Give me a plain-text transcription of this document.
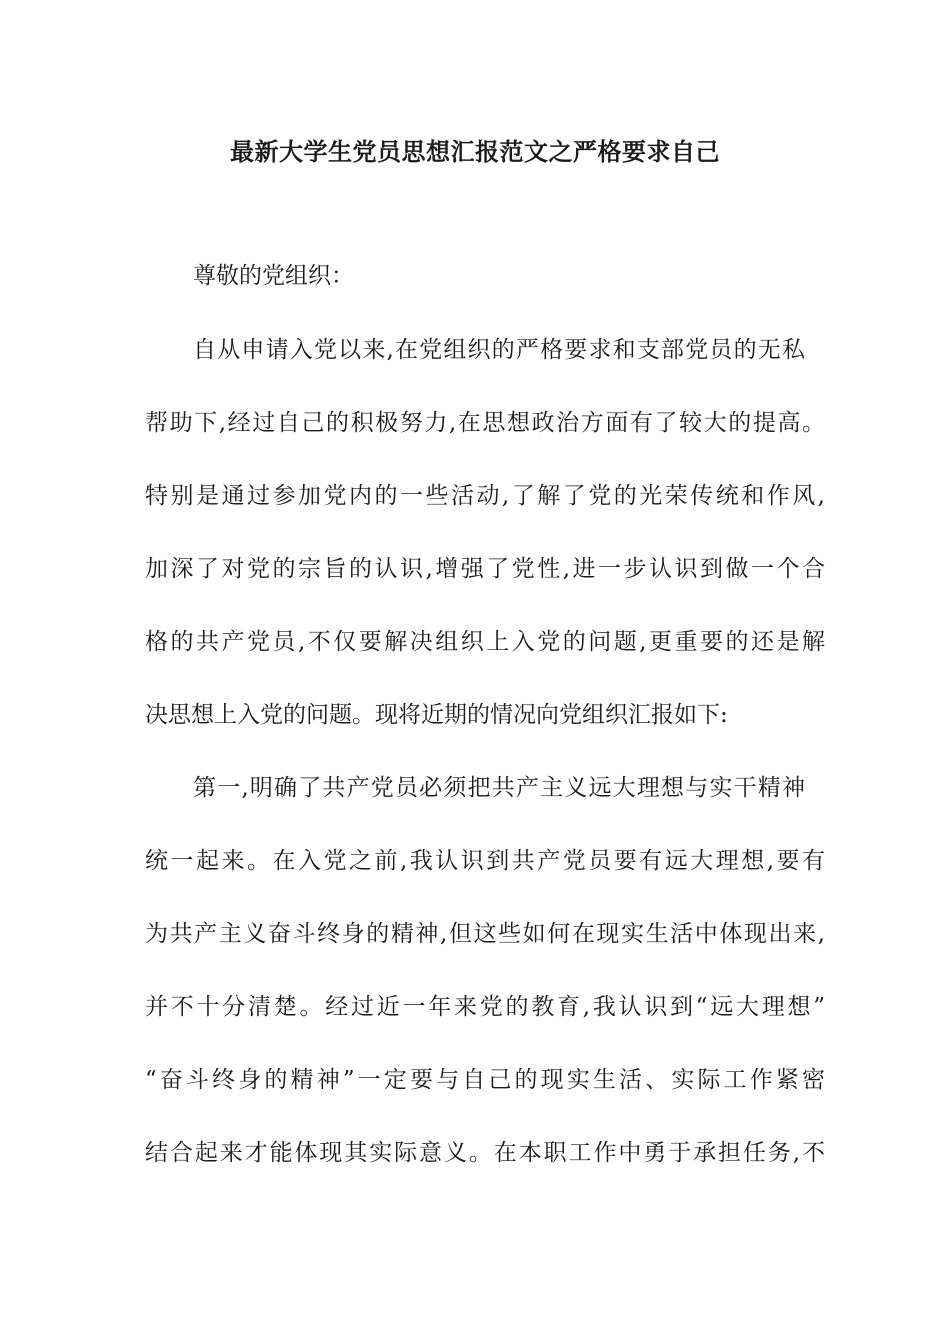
最新大学生党员思想汇报范文之严格要求自己
尊敬的党组织：
自从申请入党以来,在党组织的严格要求和支部党员的无私
帮助下,经过自己的积极努力,在思想政治方面有了较大的提高。
特别是通过参加党内的一些活动,了解了党的光荣传统和作风,
加深了对党的宗旨的认识,增强了党性,进一步认识到做一个合
格的共产党员,不仅要解决组织上入党的问题,更重要的还是解
决思想上入党的问题。现将近期的情况向党组织汇报如下:
第一,明确了共产党员必须把共产主义远大理想与实干精神
统一起来。在入党之前,我认识到共产党员要有远大理想,要有
为共产主义奋斗终身的精神,但这些如何在现实生活中体现出来,
并不十分清楚。经过近一年来党的教育,我认识到“远大理想”
“奋斗终身的精神”一定要与自己的现实生活、实际工作紧密
结合起来才能体现其实际意义。在本职工作中勇于承担任务,不
